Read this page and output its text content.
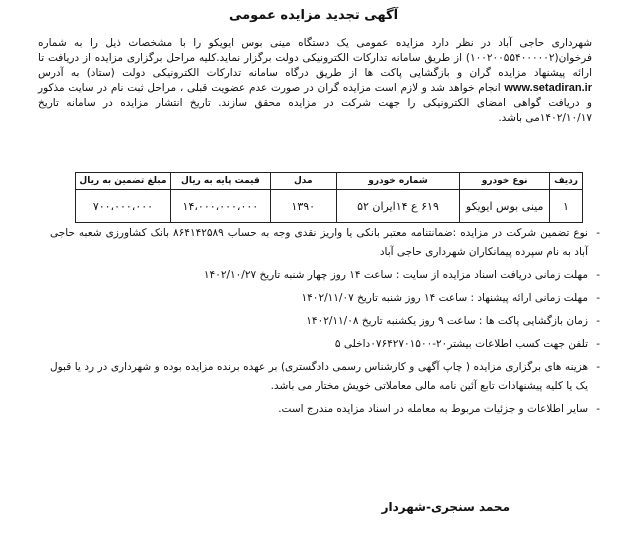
آگهی تجدید مزایده عمومی
شهرداری حاجی آباد در نظر دارد مزایده عمومی یک دستگاه مینی بوس ایویکو را با مشخصات ذیل را به شماره فرخوان(۱۰۰۲۰۰۵۵۴۰۰۰۰۰۲) از طریق سامانه تدارکات الکترونیکی دولت برگزار نماید.کلیه مراحل برگزاری مزایده از دریافت تا ارائه پیشنهاد مزایده گران و بازگشایی پاکت ها از طریق درگاه سامانه تدارکات الکترونیکی دولت (ستاد) به آدرس www.setadiran.ir انجام خواهد شد و لازم است مزایده گران در صورت عدم عضویت قبلی ، مراحل ثبت نام در سایت مذکور و دریافت گواهی امضای الکترونیکی را جهت شرکت در مزایده محقق سازند. تاریخ انتشار مزایده در سامانه تاریخ ۱۴۰۲/۱۰/۱۷می باشد.
ردیف	نوع خودرو	شماره خودرو	مدل	قیمت پایه به ریال	مبلغ تضمین به ریال
۱	مینی بوس ایویکو	۶۱۹ ع ۱۴ایران ۵۲	۱۳۹۰	۱۴،۰۰۰،۰۰۰،۰۰۰	۷۰۰،۰۰۰،۰۰۰
-
نوع تضمین شرکت در مزایده :ضمانتنامه معتبر بانکی یا واریز نقدی وجه به حساب ۸۶۴۱۴۲۵۸۹ بانک کشاورزی شعبه حاجی آباد به نام سپرده پیمانکاران شهرداری حاجی آباد
-
مهلت زمانی دریافت اسناد مزایده از سایت : ساعت ۱۴ روز چهار شنبه تاریخ ۱۴۰۲/۱۰/۲۷
-
مهلت زمانی ارائه پیشنهاد : ساعت ۱۴ روز شنبه تاریخ ۱۴۰۲/۱۱/۰۷
-
زمان بازگشایی پاکت ها : ساعت ۹ روز یکشنبه تاریخ ۱۴۰۲/۱۱/۰۸
-
تلفن جهت کسب اطلاعات بیشتر۲۰-۰۷۶۴۲۷۰۱۵۰۰داخلی ۵
-
هزینه های برگزاری مزایده ( چاپ آگهی و کارشناس رسمی دادگستری) بر عهده برنده مزایده بوده و شهرداری در رد یا قبول یک یا کلیه پیشنهادات تابع آئین نامه مالی معاملاتی خویش مختار می باشد.
-
سایر اطلاعات و جزئیات مربوط به معامله در اسناد مزایده مندرج است.
محمد سنجری-شهردار
